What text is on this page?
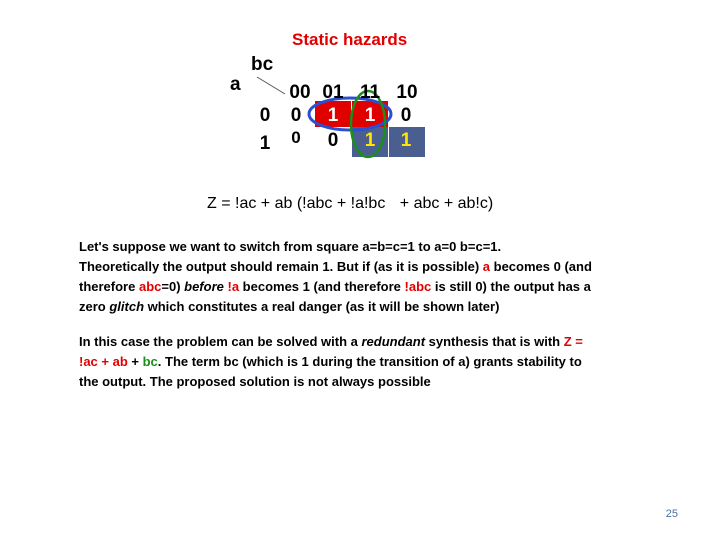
Static hazards
a
bc
00 01 11 10
0
1
0 1 1 0
0 0 1 1
Z = !ac + ab (!abc + !a!bc + abc + ab!c)
Let's suppose we want to switch from square a=b=c=1 to a=0 b=c=1.
Theoretically the output should remain 1. But if (as it is possible) a becomes 0 (and
therefore abc=0) before !a becomes 1 (and therefore !abc is still 0) the output has a
zero glitch which constitutes a real danger (as it will be shown later)
In this case the problem can be solved with a redundant synthesis that is with Z =
!ac + ab + bc. The term bc (which is 1 during the transition of a) grants stability to
the output. The proposed solution is not always possible
25
